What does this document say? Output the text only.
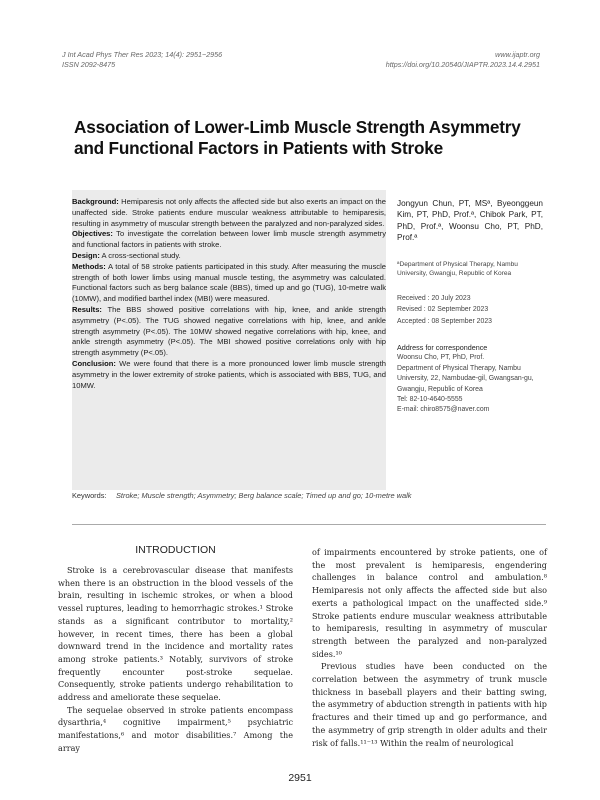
J Int Acad Phys Ther Res 2023; 14(4): 2951~2956
ISSN 2092-8475
www.ijaptr.org
https://doi.org/10.20540/JIAPTR.2023.14.4.2951
Association of Lower-Limb Muscle Strength Asymmetry and Functional Factors in Patients with Stroke

Background: Hemiparesis not only affects the affected side but also exerts an impact on the unaffected side. Stroke patients endure muscular weakness attributable to hemiparesis, resulting in asymmetry of muscular strength between the paralyzed and non-paralyzed sides.

Objectives: To investigate the correlation between lower limb muscle strength asymmetry and functional factors in patients with stroke.

Design: A cross-sectional study.

Methods: A total of 58 stroke patients participated in this study. After measuring the muscle strength of both lower limbs using manual muscle testing, the asymmetry was calculated. Functional factors such as berg balance scale (BBS), timed up and go (TUG), 10-metre walk (10MW), and modified barthel index (MBI) were measured.

Results: The BBS showed positive correlations with hip, knee, and ankle strength asymmetry (P<.05). The TUG showed negative correlations with hip, knee, and ankle strength asymmetry (P<.05). The 10MW showed negative correlations with hip, knee, and ankle strength asymmetry (P<.05). The MBI showed positive correlations only with hip strength asymmetry (P<.05).

Conclusion: We were found that there is a more pronounced lower limb muscle strength asymmetry in the lower extremity of stroke patients, which is associated with BBS, TUG, and 10MW.

Jongyun Chun, PT, MSª, Byeonggeun Kim, PT, PhD, Prof.ª, Chibok Park, PT, PhD, Prof.ª, Woonsu Cho, PT, PhD, Prof.ª
ªDepartment of Physical Therapy, Nambu University, Gwangju, Republic of Korea
Received : 20 July 2023
Revised : 02 September 2023
Accepted : 08 September 2023
Address for correspondence
Woonsu Cho, PT, PhD, Prof.
Department of Physical Therapy, Nambu University, 22, Nambudae-gil, Gwangsan-gu, Gwangju, Republic of Korea
Tel: 82-10-4640-5555
E-mail: chiro8575@naver.com
Keywords: Stroke; Muscle strength; Asymmetry; Berg balance scale; Timed up and go; 10-metre walk
INTRODUCTION

Stroke is a cerebrovascular disease that manifests when there is an obstruction in the blood vessels of the brain, resulting in ischemic strokes, or when a blood vessel ruptures, leading to hemorrhagic strokes.¹ Stroke stands as a significant contributor to mortality,² however, in recent times, there has been a global downward trend in the incidence and mortality rates among stroke patients.³ Notably, survivors of stroke frequently encounter post-stroke sequelae. Consequently, stroke patients undergo rehabilitation to address and ameliorate these sequelae.

The sequelae observed in stroke patients encompass dysarthria,⁴ cognitive impairment,⁵ psychiatric manifestations,⁶ and motor disabilities.⁷ Among the array

of impairments encountered by stroke patients, one of the most prevalent is hemiparesis, engendering challenges in balance control and ambulation.⁸ Hemiparesis not only affects the affected side but also exerts a pathological impact on the unaffected side.⁹ Stroke patients endure muscular weakness attributable to hemiparesis, resulting in asymmetry of muscular strength between the paralyzed and non-paralyzed sides.¹⁰

Previous studies have been conducted on the correlation between the asymmetry of trunk muscle thickness in baseball players and their batting swing, the asymmetry of abduction strength in patients with hip fractures and their timed up and go performance, and the asymmetry of grip strength in older adults and their risk of falls.¹¹⁻¹³ Within the realm of neurological

2951
